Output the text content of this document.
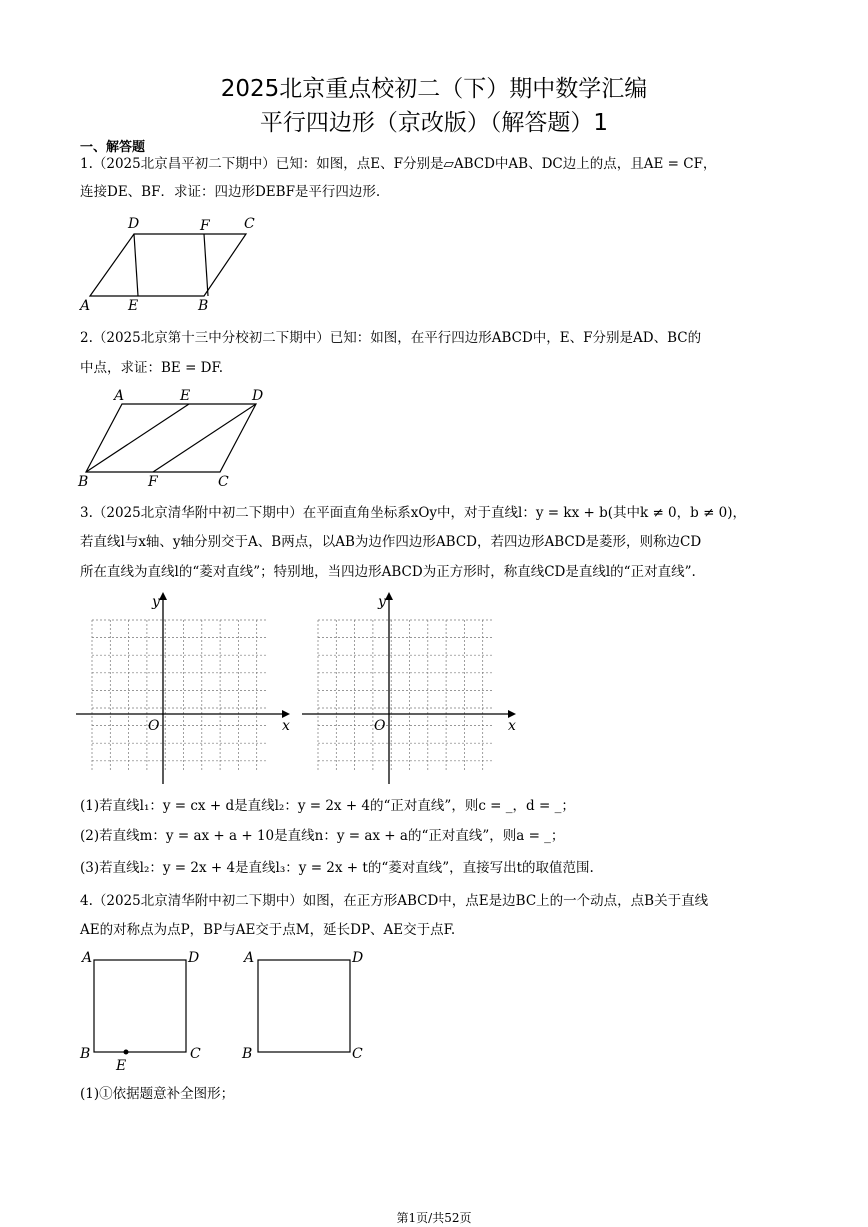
2025北京重点校初二（下）期中数学汇编
平行四边形（京改版）（解答题）1
一、解答题
1.（2025北京昌平初二下期中）已知：如图，点E、F分别是▱ABCD中AB、DC边上的点，且AE = CF，
连接DE、BF．求证：四边形DEBF是平行四边形.
D	F C
A	E	B
2.（2025北京第十三中分校初二下期中）已知：如图，在平行四边形ABCD中，E、F分别是AD、BC的
中点，求证：BE = DF.
A	E	D
B	F	C
3.（2025北京清华附中初二下期中）在平面直角坐标系xOy中，对于直线l：y = kx + b(其中k ≠ 0，b ≠ 0)，
若直线l与x轴、y轴分别交于A、B两点，以AB为边作四边形ABCD，若四边形ABCD是菱形，则称边CD
所在直线为直线l的“菱对直线”；特别地，当四边形ABCD为正方形时，称直线CD是直线l的“正对直线”.
y
x
O
y
x
O
(1)若直线l₁：y = cx + d是直线l₂：y = 2x + 4的“正对直线”，则c = _，d = _；
(2)若直线m：y = ax + a + 10是直线n：y = ax + a的“正对直线”，则a = _；
(3)若直线l₂：y = 2x + 4是直线l₃：y = 2x + t的“菱对直线”，直接写出t的取值范围.
4.（2025北京清华附中初二下期中）如图，在正方形ABCD中，点E是边BC上的一个动点，点B关于直线
AE的对称点为点P，BP与AE交于点M，延长DP、AE交于点F.
A	D
B	C
E
A	D
B	C
(1)①依据题意补全图形；
第1页/共52页
